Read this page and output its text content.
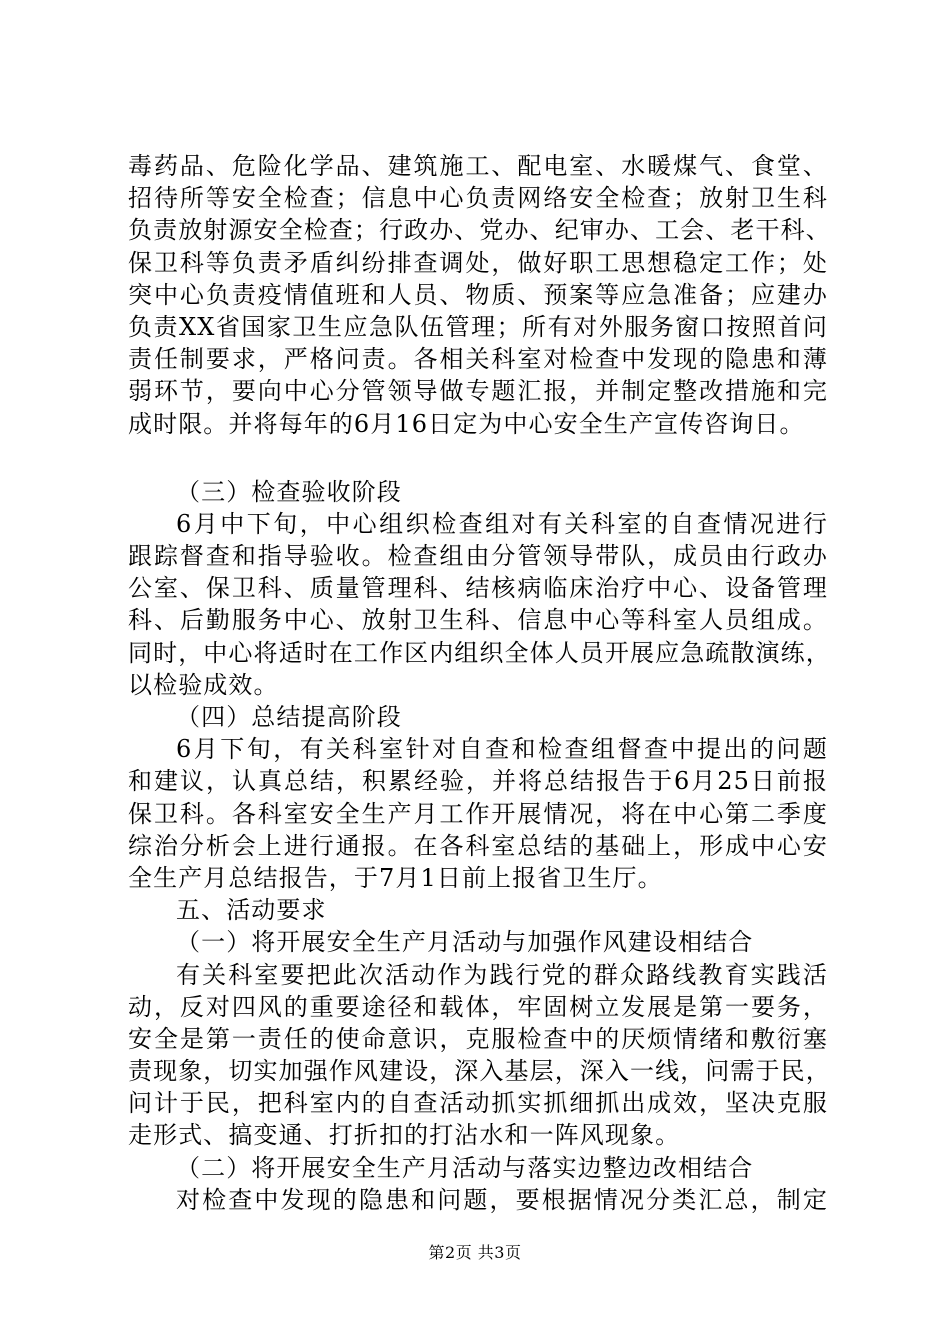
毒药品、危险化学品、建筑施工、配电室、水暖煤气、食堂、
招待所等安全检查；信息中心负责网络安全检查；放射卫生科
负责放射源安全检查；行政办、党办、纪审办、工会、老干科、
保卫科等负责矛盾纠纷排查调处，做好职工思想稳定工作；处
突中心负责疫情值班和人员、物质、预案等应急准备；应建办
负责XX省国家卫生应急队伍管理；所有对外服务窗口按照首问
责任制要求，严格问责。各相关科室对检查中发现的隐患和薄
弱环节，要向中心分管领导做专题汇报，并制定整改措施和完
成时限。并将每年的6月16日定为中心安全生产宣传咨询日。
（三）检查验收阶段
6月中下旬，中心组织检查组对有关科室的自查情况进行
跟踪督查和指导验收。检查组由分管领导带队，成员由行政办
公室、保卫科、质量管理科、结核病临床治疗中心、设备管理
科、后勤服务中心、放射卫生科、信息中心等科室人员组成。
同时，中心将适时在工作区内组织全体人员开展应急疏散演练，
以检验成效。
（四）总结提高阶段
6月下旬，有关科室针对自查和检查组督查中提出的问题
和建议，认真总结，积累经验，并将总结报告于6月25日前报
保卫科。各科室安全生产月工作开展情况，将在中心第二季度
综治分析会上进行通报。在各科室总结的基础上，形成中心安
全生产月总结报告，于7月1日前上报省卫生厅。
五、活动要求
（一）将开展安全生产月活动与加强作风建设相结合
有关科室要把此次活动作为践行党的群众路线教育实践活
动，反对四风的重要途径和载体，牢固树立发展是第一要务，
安全是第一责任的使命意识，克服检查中的厌烦情绪和敷衍塞
责现象，切实加强作风建设，深入基层，深入一线，问需于民，
问计于民，把科室内的自查活动抓实抓细抓出成效，坚决克服
走形式、搞变通、打折扣的打沾水和一阵风现象。
（二）将开展安全生产月活动与落实边整边改相结合
对检查中发现的隐患和问题，要根据情况分类汇总，制定
第2页 共3页
